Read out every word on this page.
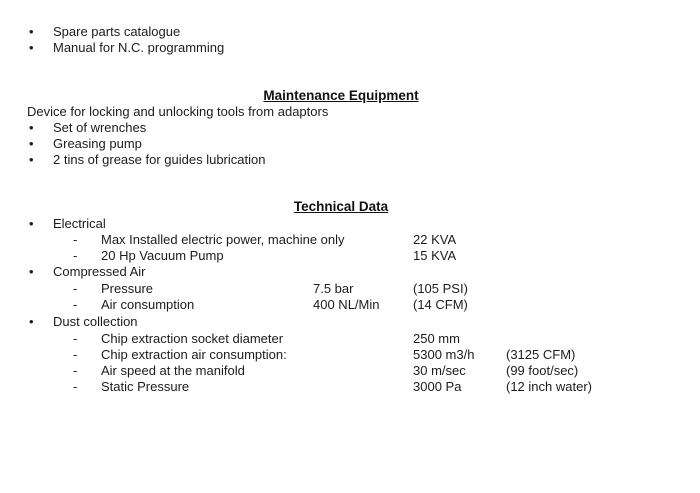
• Spare parts catalogue
• Manual for N.C. programming
Maintenance Equipment
Device for locking and unlocking tools from adaptors
• Set of wrenches
• Greasing pump
• 2 tins of grease for guides lubrication
Technical Data
• Electrical
- Max Installed electric power, machine only	22 KVA
- 20 Hp Vacuum Pump	15 KVA
• Compressed Air
- Pressure	7.5 bar	(105 PSI)
- Air consumption	400 NL/Min	(14 CFM)
• Dust collection
- Chip extraction socket diameter	250 mm
- Chip extraction air consumption:	5300 m3/h (3125 CFM)
- Air speed at the manifold	30 m/sec	(99 foot/sec)
- Static Pressure	3000 Pa	(12 inch water)
